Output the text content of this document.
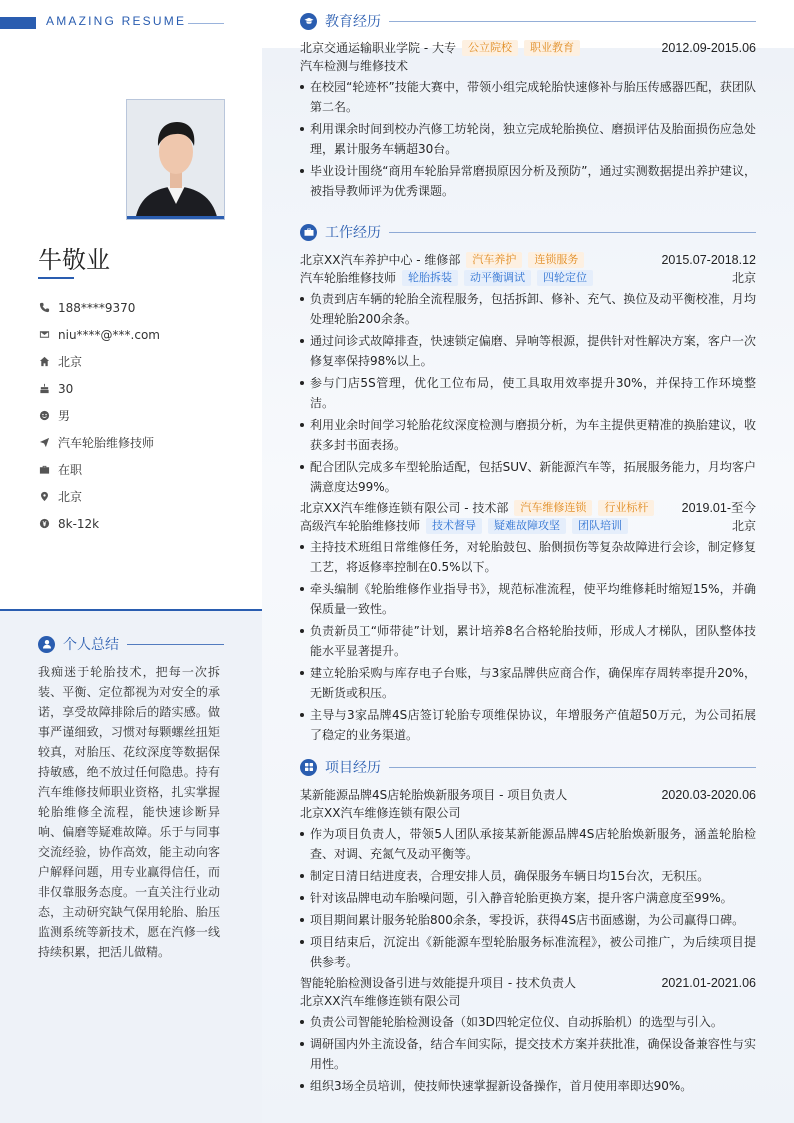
AMAZING RESUME
牛敬业
188****9370
niu****@***.com
北京
30
男
汽车轮胎维修技师
在职
北京
8k-12k
个人总结
我痴迷于轮胎技术，把每一次拆装、平衡、定位都视为对安全的承诺，享受故障排除后的踏实感。做事严谨细致，习惯对每颗螺丝扭矩较真，对胎压、花纹深度等数据保持敏感，绝不放过任何隐患。持有汽车维修技师职业资格，扎实掌握轮胎维修全流程，能快速诊断异响、偏磨等疑难故障。乐于与同事交流经验，协作高效，能主动向客户解释问题，用专业赢得信任，而非仅靠服务态度。一直关注行业动态，主动研究缺气保用轮胎、胎压监测系统等新技术，愿在汽修一线持续积累，把活儿做精。
教育经历
北京交通运输职业学院 - 大专	公立院校	职业教育	2012.09-2015.06
汽车检测与维修技术
在校园“轮迹杯”技能大赛中，带领小组完成轮胎快速修补与胎压传感器匹配，获团队第二名。
利用课余时间到校办汽修工坊轮岗，独立完成轮胎换位、磨损评估及胎面损伤应急处理，累计服务车辆超30台。
毕业设计围绕“商用车轮胎异常磨损原因分析及预防”，通过实测数据提出养护建议，被指导教师评为优秀课题。
工作经历
北京XX汽车养护中心 - 维修部	汽车养护	连锁服务	2015.07-2018.12
汽车轮胎维修技师	轮胎拆装	动平衡调试	四轮定位	北京
负责到店车辆的轮胎全流程服务，包括拆卸、修补、充气、换位及动平衡校准，月均处理轮胎200余条。
通过问诊式故障排查，快速锁定偏磨、异响等根源，提供针对性解决方案，客户一次修复率保持98%以上。
参与门店5S管理，优化工位布局，使工具取用效率提升30%，并保持工作环境整洁。
利用业余时间学习轮胎花纹深度检测与磨损分析，为车主提供更精准的换胎建议，收获多封书面表扬。
配合团队完成多车型轮胎适配，包括SUV、新能源汽车等，拓展服务能力，月均客户满意度达99%。
北京XX汽车维修连锁有限公司 - 技术部	汽车维修连锁	行业标杆	2019.01-至今
高级汽车轮胎维修技师	技术督导	疑难故障攻坚	团队培训	北京
主持技术班组日常维修任务，对轮胎鼓包、胎侧损伤等复杂故障进行会诊，制定修复工艺，将返修率控制在0.5%以下。
牵头编制《轮胎维修作业指导书》，规范标准流程，使平均维修耗时缩短15%，并确保质量一致性。
负责新员工“师带徒”计划，累计培养8名合格轮胎技师，形成人才梯队，团队整体技能水平显著提升。
建立轮胎采购与库存电子台账，与3家品牌供应商合作，确保库存周转率提升20%，无断货或积压。
主导与3家品牌4S店签订轮胎专项维保协议，年增服务产值超50万元，为公司拓展了稳定的业务渠道。
项目经历
某新能源品牌4S店轮胎焕新服务项目 - 项目负责人	2020.03-2020.06
北京XX汽车维修连锁有限公司
作为项目负责人，带领5人团队承接某新能源品牌4S店轮胎焕新服务，涵盖轮胎检查、对调、充氮气及动平衡等。
制定日清日结进度表，合理安排人员，确保服务车辆日均15台次，无积压。
针对该品牌电动车胎噪问题，引入静音轮胎更换方案，提升客户满意度至99%。
项目期间累计服务轮胎800余条，零投诉，获得4S店书面感谢，为公司赢得口碑。
项目结束后，沉淀出《新能源车型轮胎服务标准流程》，被公司推广，为后续项目提供参考。
智能轮胎检测设备引进与效能提升项目 - 技术负责人	2021.01-2021.06
北京XX汽车维修连锁有限公司
负责公司智能轮胎检测设备（如3D四轮定位仪、自动拆胎机）的选型与引入。
调研国内外主流设备，结合车间实际，提交技术方案并获批准，确保设备兼容性与实用性。
组织3场全员培训，使技师快速掌握新设备操作，首月使用率即达90%。
